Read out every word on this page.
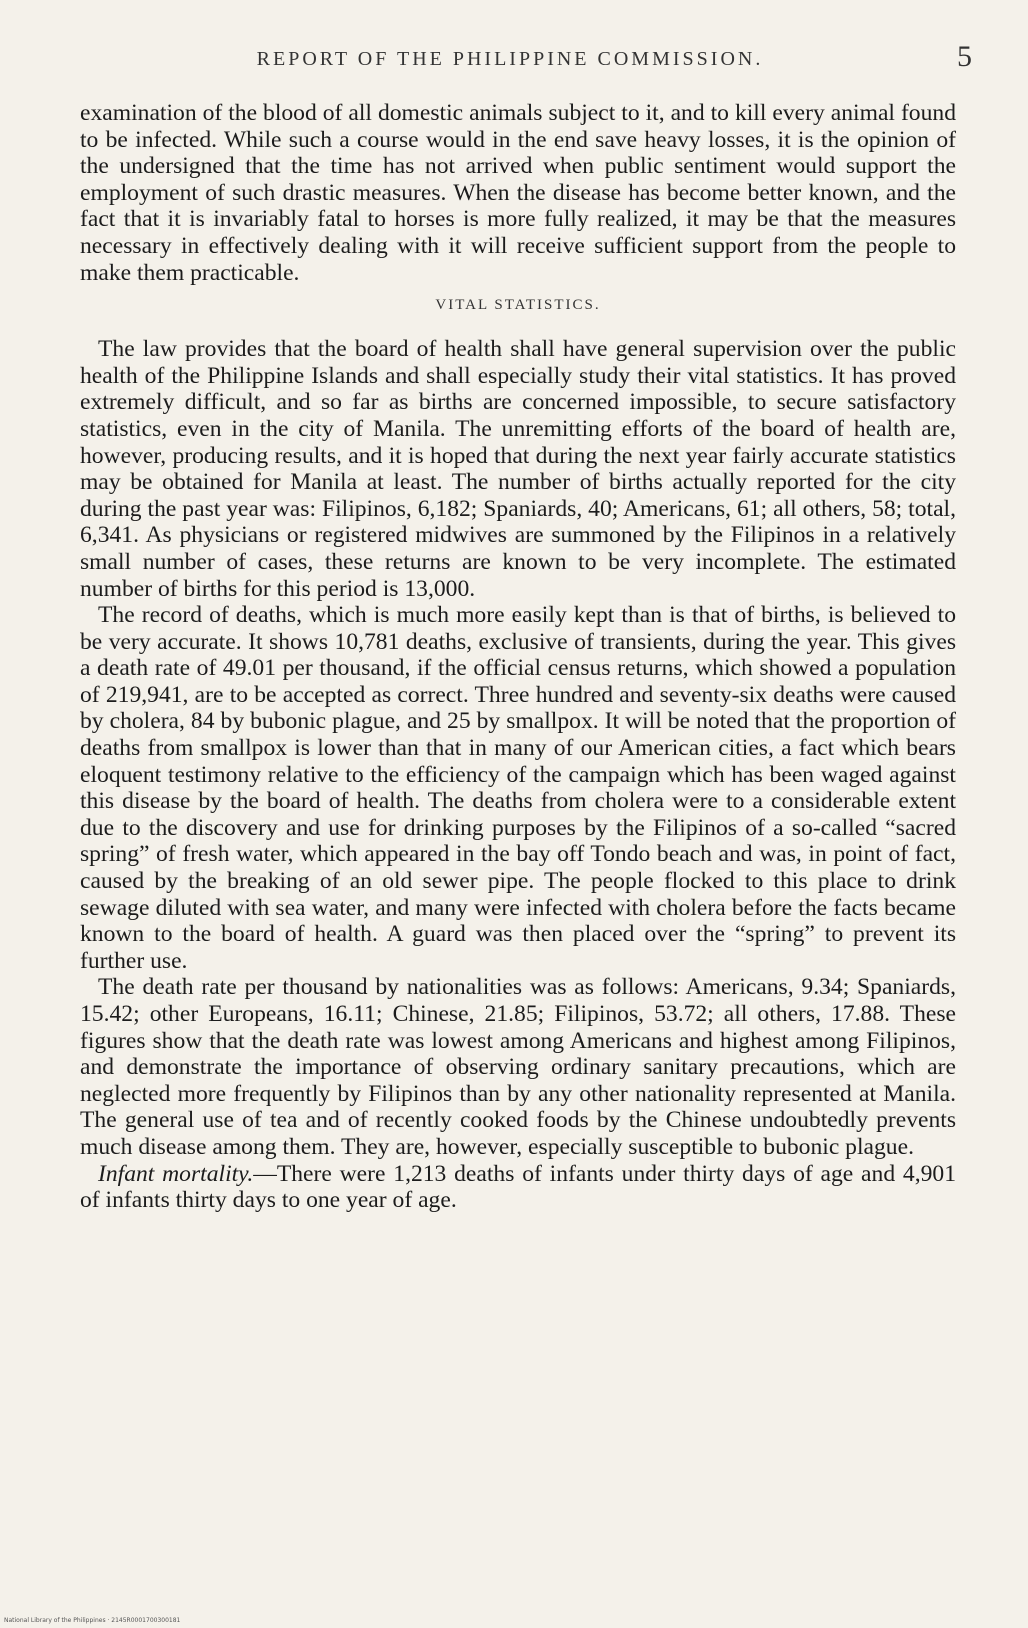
REPORT OF THE PHILIPPINE COMMISSION.	5

examination of the blood of all domestic animals subject to it, and to kill every animal found to be infected. While such a course would in the end save heavy losses, it is the opinion of the undersigned that the time has not arrived when public sentiment would support the employment of such drastic measures. When the disease has become better known, and the fact that it is invariably fatal to horses is more fully realized, it may be that the measures necessary in effectively dealing with it will receive sufficient support from the people to make them practicable.

VITAL STATISTICS.

The law provides that the board of health shall have general supervision over the public health of the Philippine Islands and shall especially study their vital statistics. It has proved extremely difficult, and so far as births are concerned impossible, to secure satisfactory statistics, even in the city of Manila. The unremitting efforts of the board of health are, however, producing results, and it is hoped that during the next year fairly accurate statistics may be obtained for Manila at least. The number of births actually reported for the city during the past year was: Filipinos, 6,182; Spaniards, 40; Americans, 61; all others, 58; total, 6,341. As physicians or registered midwives are summoned by the Filipinos in a relatively small number of cases, these returns are known to be very incomplete. The estimated number of births for this period is 13,000.

The record of deaths, which is much more easily kept than is that of births, is believed to be very accurate. It shows 10,781 deaths, exclusive of transients, during the year. This gives a death rate of 49.01 per thousand, if the official census returns, which showed a population of 219,941, are to be accepted as correct. Three hundred and seventy-six deaths were caused by cholera, 84 by bubonic plague, and 25 by smallpox. It will be noted that the proportion of deaths from smallpox is lower than that in many of our American cities, a fact which bears eloquent testimony relative to the efficiency of the campaign which has been waged against this disease by the board of health. The deaths from cholera were to a considerable extent due to the discovery and use for drinking purposes by the Filipinos of a so-called “sacred spring” of fresh water, which appeared in the bay off Tondo beach and was, in point of fact, caused by the breaking of an old sewer pipe. The people flocked to this place to drink sewage diluted with sea water, and many were infected with cholera before the facts became known to the board of health. A guard was then placed over the “spring” to prevent its further use.

The death rate per thousand by nationalities was as follows: Americans, 9.34; Spaniards, 15.42; other Europeans, 16.11; Chinese, 21.85; Filipinos, 53.72; all others, 17.88. These figures show that the death rate was lowest among Americans and highest among Filipinos, and demonstrate the importance of observing ordinary sanitary precautions, which are neglected more frequently by Filipinos than by any other nationality represented at Manila. The general use of tea and of recently cooked foods by the Chinese undoubtedly prevents much disease among them. They are, however, especially susceptible to bubonic plague.

Infant mortality.—There were 1,213 deaths of infants under thirty days of age and 4,901 of infants thirty days to one year of age.

National Library of the Philippines · 2145R0001700300181
